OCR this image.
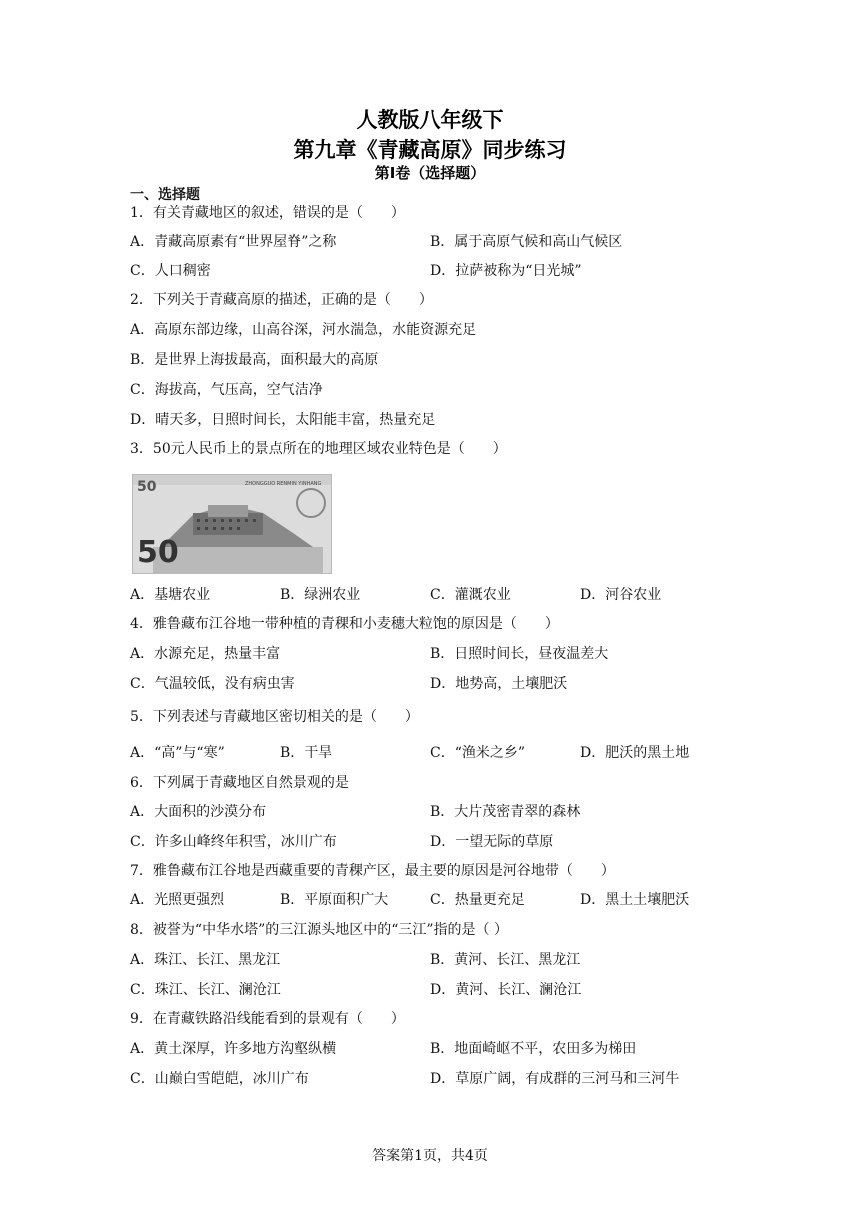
人教版八年级下
第九章《青藏高原》同步练习
第Ⅰ卷（选择题）
一、选择题
1．有关青藏地区的叙述，错误的是（　　）
A．青藏高原素有“世界屋脊”之称	B．属于高原气候和高山气候区
C．人口稠密	D．拉萨被称为“日光城”
2．下列关于青藏高原的描述，正确的是（　　）
A．高原东部边缘，山高谷深，河水湍急，水能资源充足
B．是世界上海拔最高，面积最大的高原
C．海拔高，气压高，空气洁净
D．晴天多，日照时间长，太阳能丰富，热量充足
3．50元人民币上的景点所在的地理区域农业特色是（　　）
50
50
ZHONGGUO RENMIN YINHANG
A．基塘农业	B．绿洲农业	C．灌溉农业	D．河谷农业
4．雅鲁藏布江谷地一带种植的青稞和小麦穗大粒饱的原因是（　　）
A．水源充足，热量丰富	B．日照时间长，昼夜温差大
C．气温较低，没有病虫害	D．地势高，土壤肥沃
5．下列表述与青藏地区密切相关的是（　　）
A．“高”与“寒”	B．干旱	C．“渔米之乡”	D．肥沃的黑土地
6．下列属于青藏地区自然景观的是
A．大面积的沙漠分布	B．大片茂密青翠的森林
C．许多山峰终年积雪，冰川广布	D．一望无际的草原
7．雅鲁藏布江谷地是西藏重要的青稞产区，最主要的原因是河谷地带（　　）
A．光照更强烈	B．平原面积广大	C．热量更充足	D．黑土土壤肥沃
8．被誉为“中华水塔”的三江源头地区中的“三江”指的是（ ）
A．珠江、长江、黑龙江	B．黄河、长江、黑龙江
C．珠江、长江、澜沧江	D．黄河、长江、澜沧江
9．在青藏铁路沿线能看到的景观有（　　）
A．黄土深厚，许多地方沟壑纵横	B．地面崎岖不平，农田多为梯田
C．山巅白雪皑皑，冰川广布	D．草原广阔，有成群的三河马和三河牛
答案第1页，共4页
